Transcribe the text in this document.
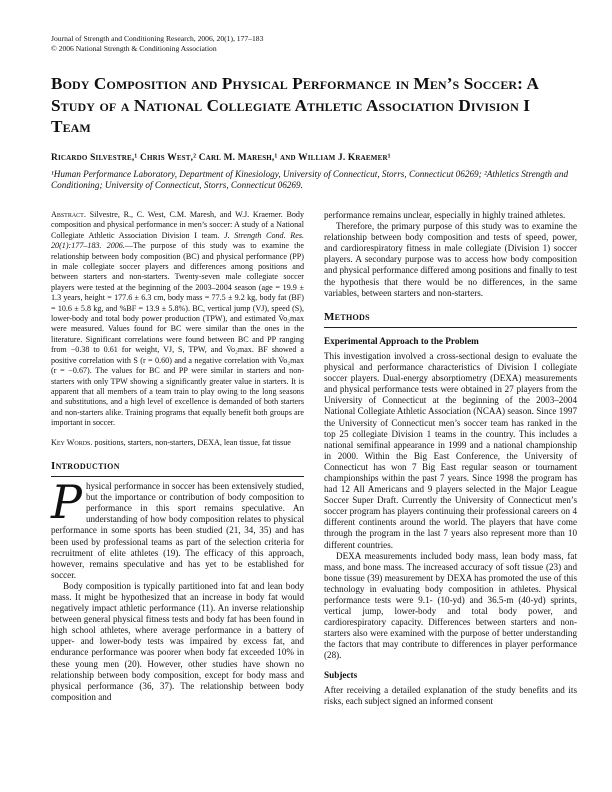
Journal of Strength and Conditioning Research, 2006, 20(1), 177–183
© 2006 National Strength & Conditioning Association
Body Composition and Physical Performance in Men’s Soccer: A Study of a National Collegiate Athletic Association Division I Team
Ricardo Silvestre,¹ Chris West,² Carl M. Maresh,¹ and William J. Kraemer¹
¹Human Performance Laboratory, Department of Kinesiology, University of Connecticut, Storrs, Connecticut 06269; ²Athletics Strength and Conditioning; University of Connecticut, Storrs, Connecticut 06269.

Abstract. Silvestre, R., C. West, C.M. Maresh, and W.J. Kraemer. Body composition and physical performance in men’s soccer: A study of a National Collegiate Athletic Association Division I team. J. Strength Cond. Res. 20(1):177–183. 2006.—The purpose of this study was to examine the relationship between body composition (BC) and physical performance (PP) in male collegiate soccer players and differences among positions and between starters and non-starters. Twenty-seven male collegiate soccer players were tested at the beginning of the 2003–2004 season (age = 19.9 ± 1.3 years, height = 177.6 ± 6.3 cm, body mass = 77.5 ± 9.2 kg, body fat (BF) = 10.6 ± 5.8 kg, and %BF = 13.9 ± 5.8%). BC, vertical jump (VJ), speed (S), lower-body and total body power production (TPW), and estimated V̇o₂max were measured. Values found for BC were similar than the ones in the literature. Significant correlations were found between BC and PP ranging from −0.38 to 0.61 for weight, VJ, S, TPW, and V̇o₂max. BF showed a positive correlation with S (r = 0.60) and a negative correlation with V̇o₂max (r = −0.67). The values for BC and PP were similar in starters and non-starters with only TPW showing a significantly greater value in starters. It is apparent that all members of a team train to play owing to the long seasons and substitutions, and a high level of excellence is demanded of both starters and non-starters alike. Training programs that equally benefit both groups are important in soccer.

Key Words. positions, starters, non-starters, DEXA, lean tissue, fat tissue

Introduction

Physical performance in soccer has been extensively studied, but the importance or contribution of body composition to performance in this sport remains speculative. An understanding of how body composition relates to physical performance in some sports has been studied (21, 34, 35) and has been used by professional teams as part of the selection criteria for recruitment of elite athletes (19). The efficacy of this approach, however, remains speculative and has yet to be established for soccer.

Body composition is typically partitioned into fat and lean body mass. It might be hypothesized that an increase in body fat would negatively impact athletic performance (11). An inverse relationship between general physical fitness tests and body fat has been found in high school athletes, where average performance in a battery of upper- and lower-body tests was impaired by excess fat, and endurance performance was poorer when body fat exceeded 10% in these young men (20). However, other studies have shown no relationship between body composition, except for body mass and physical performance (36, 37). The relationship between body composition and

performance remains unclear, especially in highly trained athletes.

Therefore, the primary purpose of this study was to examine the relationship between body composition and tests of speed, power, and cardiorespiratory fitness in male collegiate (Division 1) soccer players. A secondary purpose was to access how body composition and physical performance differed among positions and finally to test the hypothesis that there would be no differences, in the same variables, between starters and non-starters.

Methods
Experimental Approach to the Problem

This investigation involved a cross-sectional design to evaluate the physical and performance characteristics of Division I collegiate soccer players. Dual-energy absorptiometry (DEXA) measurements and physical performance tests were obtained in 27 players from the University of Connecticut at the beginning of the 2003–2004 National Collegiate Athletic Association (NCAA) season. Since 1997 the University of Connecticut men’s soccer team has ranked in the top 25 collegiate Division 1 teams in the country. This includes a national semifinal appearance in 1999 and a national championship in 2000. Within the Big East Conference, the University of Connecticut has won 7 Big East regular season or tournament championships within the past 7 years. Since 1998 the program has had 12 All Americans and 9 players selected in the Major League Soccer Super Draft. Currently the University of Connecticut men’s soccer program has players continuing their professional careers on 4 different continents around the world. The players that have come through the program in the last 7 years also represent more than 10 different countries.

DEXA measurements included body mass, lean body mass, fat mass, and bone mass. The increased accuracy of soft tissue (23) and bone tissue (39) measurement by DEXA has promoted the use of this technology in evaluating body composition in athletes. Physical performance tests were 9.1- (10-yd) and 36.5-m (40-yd) sprints, vertical jump, lower-body and total body power, and cardiorespiratory capacity. Differences between starters and non-starters also were examined with the purpose of better understanding the factors that may contribute to differences in player performance (28).

Subjects

After receiving a detailed explanation of the study benefits and its risks, each subject signed an informed consent
